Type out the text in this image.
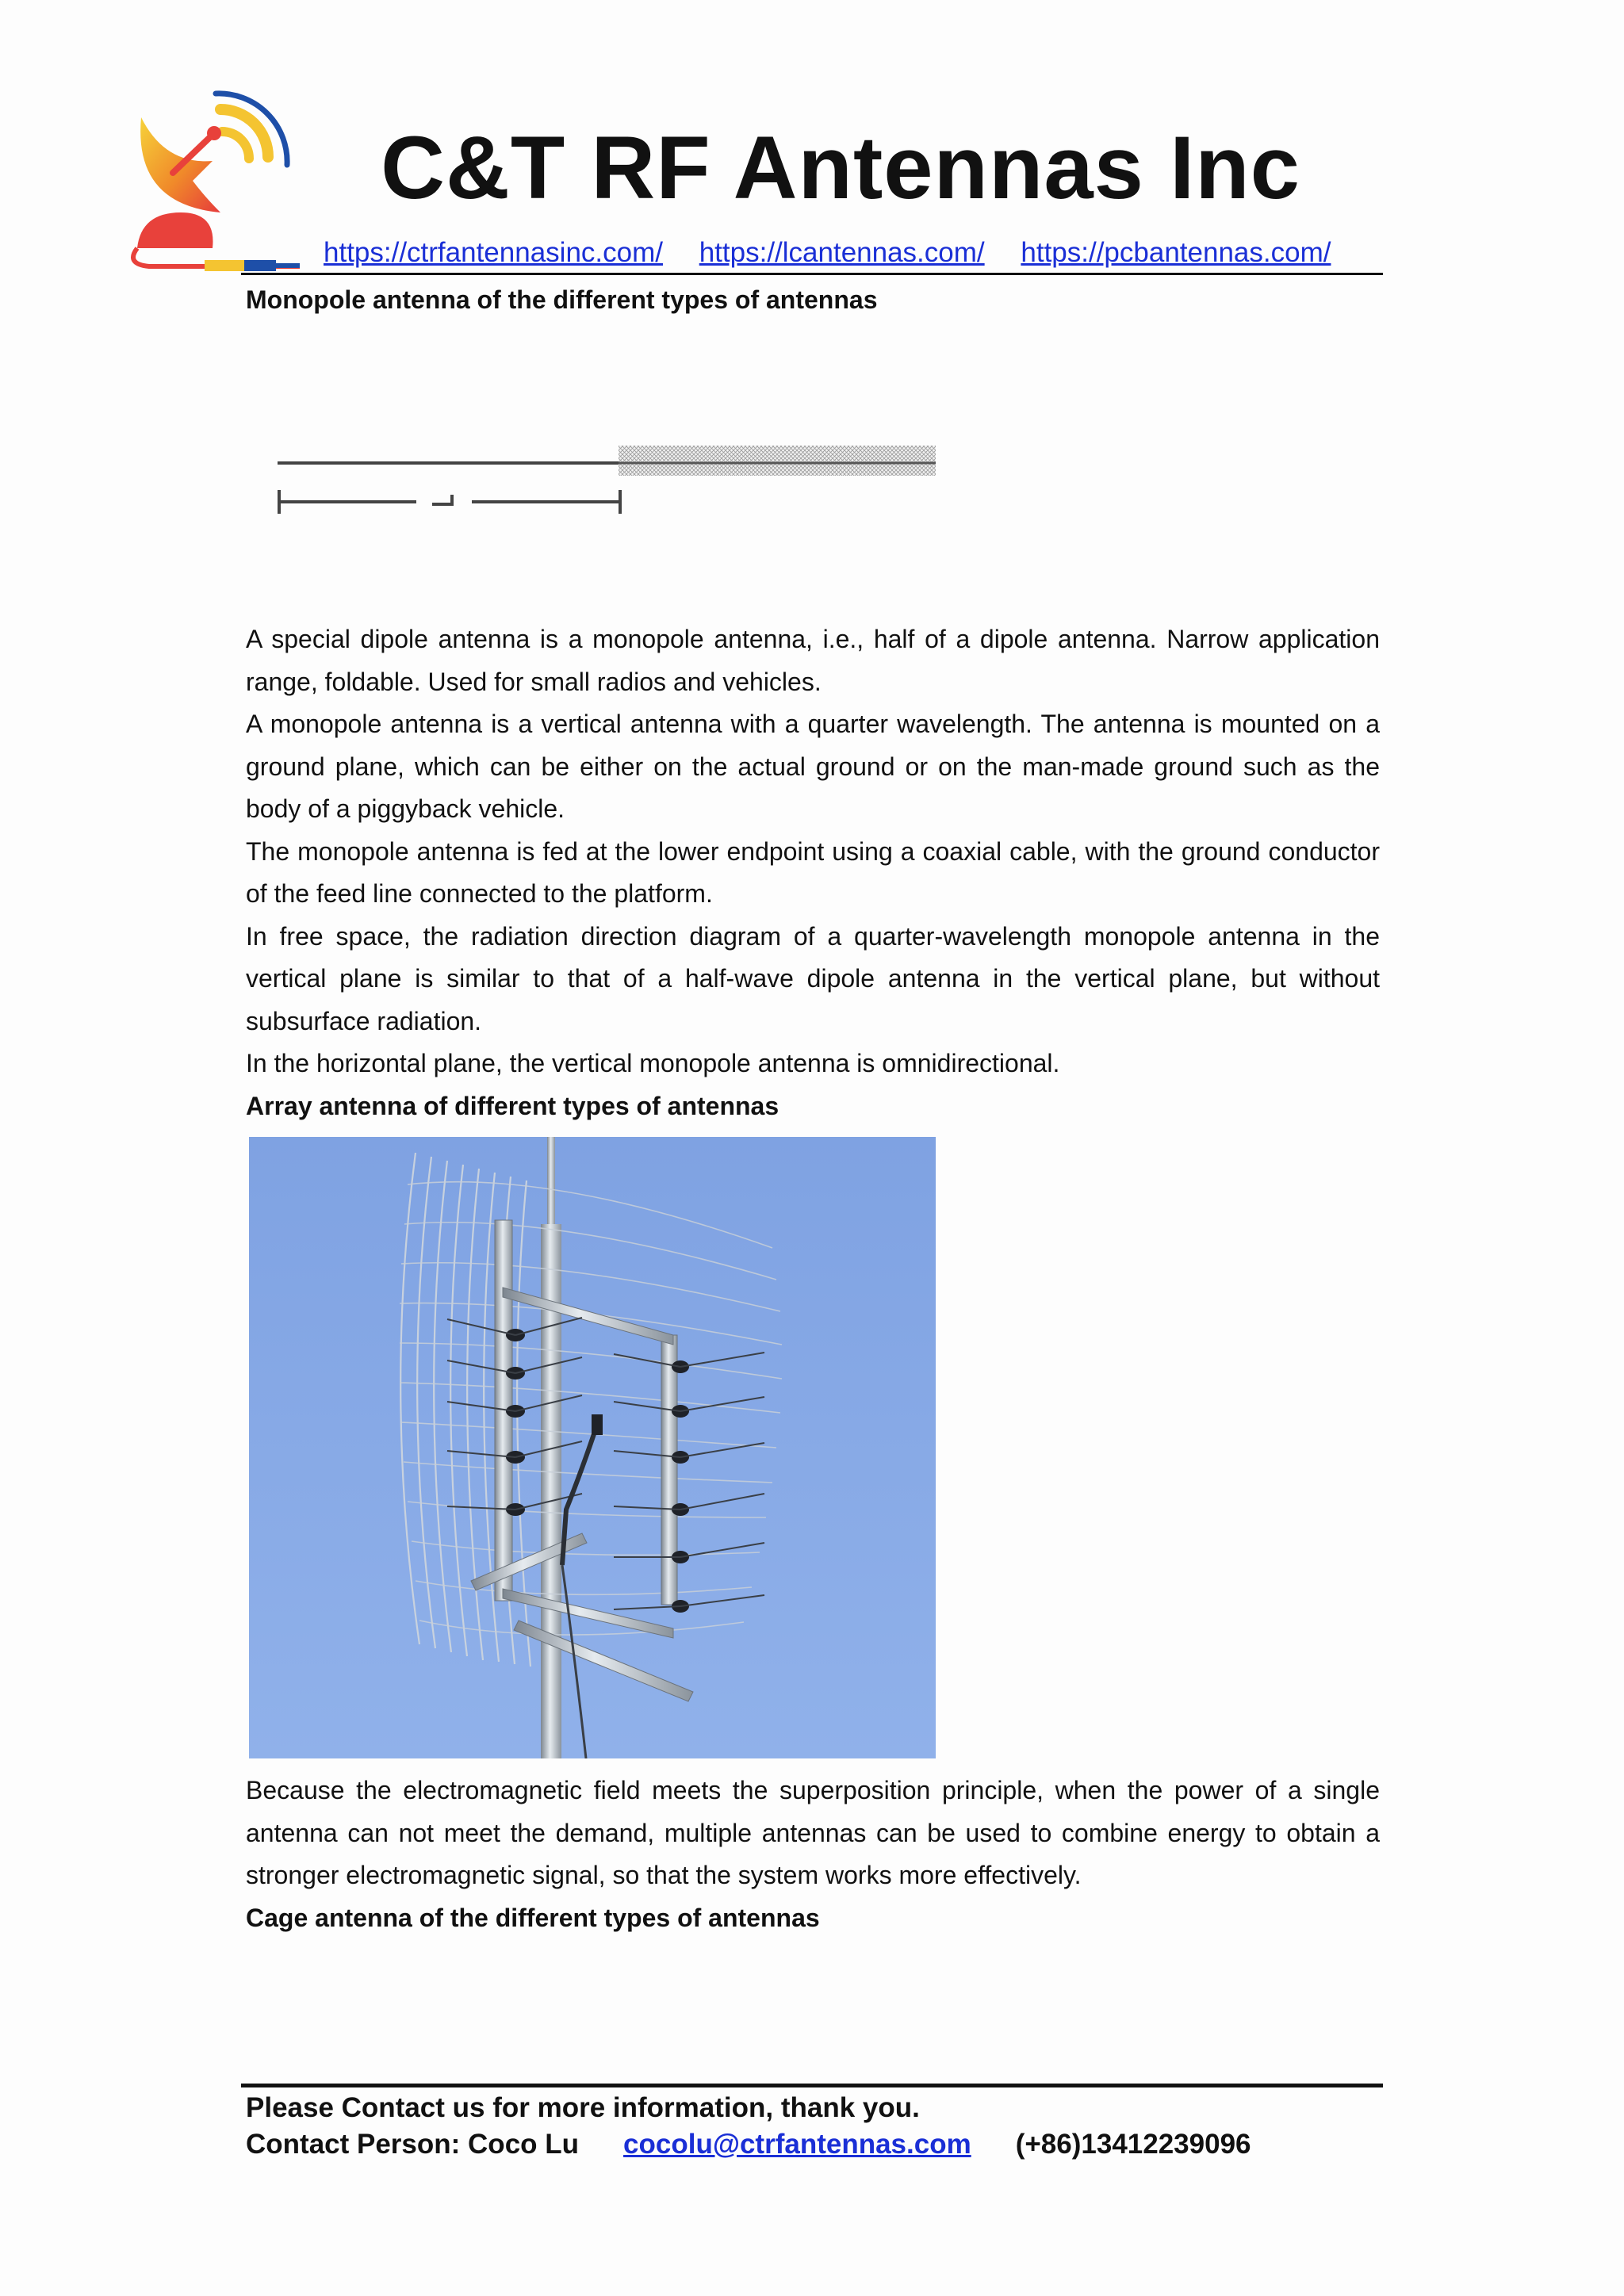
C&T RF Antennas Inc
https://ctrfantennasinc.com/ https://lcantennas.com/ https://pcbantennas.com/

Monopole antenna of the different types of antennas

A special dipole antenna is a monopole antenna, i.e., half of a dipole antenna. Narrow application range, foldable. Used for small radios and vehicles.

A monopole antenna is a vertical antenna with a quarter wavelength. The antenna is mounted on a ground plane, which can be either on the actual ground or on the man-made ground such as the body of a piggyback vehicle.

The monopole antenna is fed at the lower endpoint using a coaxial cable, with the ground conductor of the feed line connected to the platform.

In free space, the radiation direction diagram of a quarter-wavelength monopole antenna in the vertical plane is similar to that of a half-wave dipole antenna in the vertical plane, but without subsurface radiation.

In the horizontal plane, the vertical monopole antenna is omnidirectional.

Array antenna of different types of antennas

Because the electromagnetic field meets the superposition principle, when the power of a single antenna can not meet the demand, multiple antennas can be used to combine energy to obtain a stronger electromagnetic signal, so that the system works more effectively.

Cage antenna of the different types of antennas

Please Contact us for more information, thank you.

Contact Person: Coco Lu cocolu@ctrfantennas.com (+86)13412239096
